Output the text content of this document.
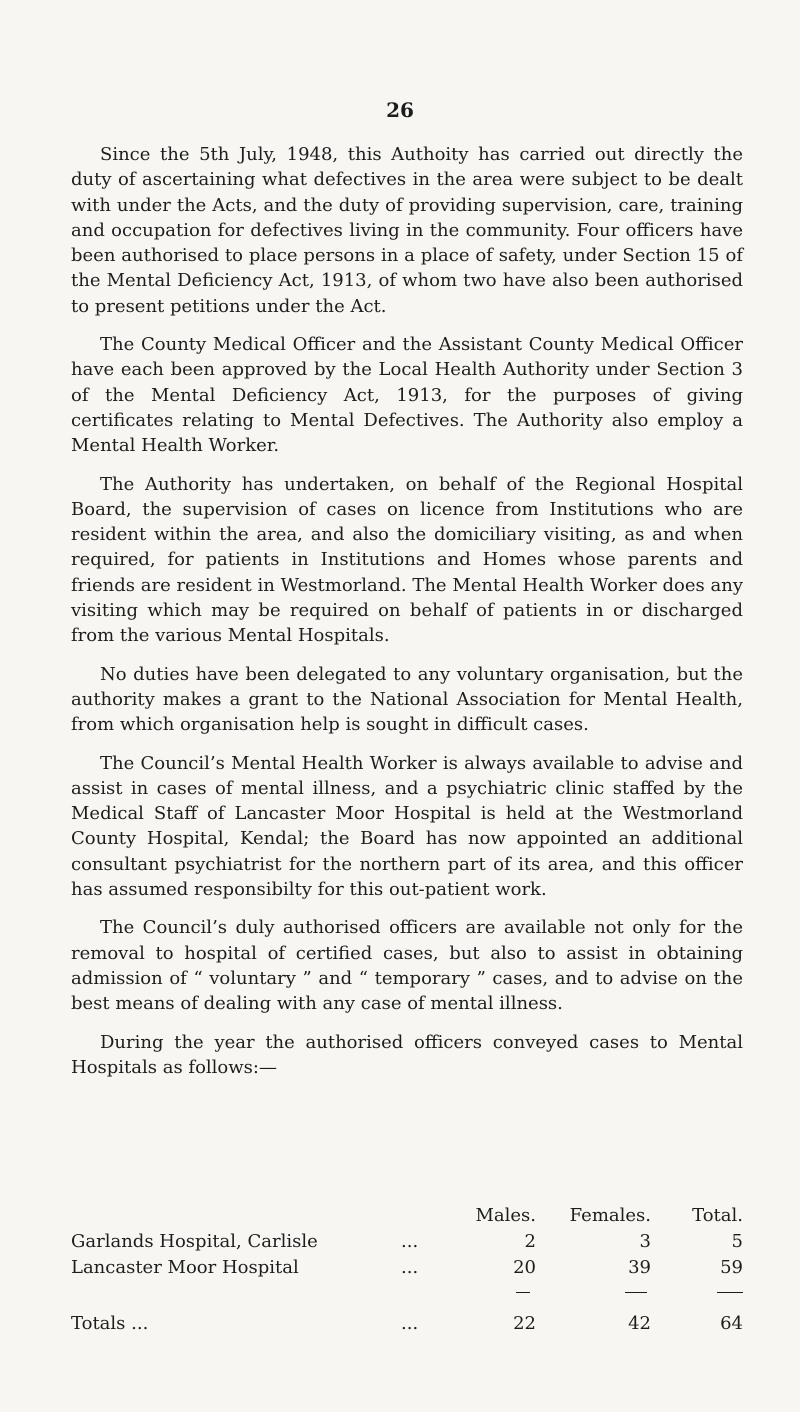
26

Since the 5th July, 1948, this Authoity has carried out directly the duty of ascertaining what defectives in the area were subject to be dealt with under the Acts, and the duty of providing supervision, care, training and occupation for defectives living in the community. Four officers have been authorised to place persons in a place of safety, under Section 15 of the Mental Deficiency Act, 1913, of whom two have also been authorised to present petitions under the Act.

The County Medical Officer and the Assistant County Medical Officer have each been approved by the Local Health Authority under Section 3 of the Mental Deficiency Act, 1913, for the purposes of giving certificates relating to Mental Defectives. The Authority also employ a Mental Health Worker.

The Authority has undertaken, on behalf of the Regional Hospital Board, the supervision of cases on licence from Institutions who are resident within the area, and also the domiciliary visiting, as and when required, for patients in Institutions and Homes whose parents and friends are resident in Westmorland. The Mental Health Worker does any visiting which may be required on behalf of patients in or discharged from the various Mental Hospitals.

No duties have been delegated to any voluntary organisation, but the authority makes a grant to the National Association for Mental Health, from which organisation help is sought in difficult cases.

The Council’s Mental Health Worker is always available to advise and assist in cases of mental illness, and a psychiatric clinic staffed by the Medical Staff of Lancaster Moor Hospital is held at the Westmorland County Hospital, Kendal; the Board has now appointed an additional consultant psychiatrist for the northern part of its area, and this officer has assumed responsibilty for this out-patient work.

The Council’s duly authorised officers are available not only for the removal to hospital of certified cases, but also to assist in obtaining admission of “ voluntary ” and “ temporary ” cases, and to advise on the best means of dealing with any case of mental illness.

During the year the authorised officers conveyed cases to Mental Hospitals as follows:—

		Males.	Females.	Total.
Garlands Hospital, Carlisle	...	2	3	5
Lancaster Moor Hospital	...	20	39	59

Totals ...	...	22	42	64
